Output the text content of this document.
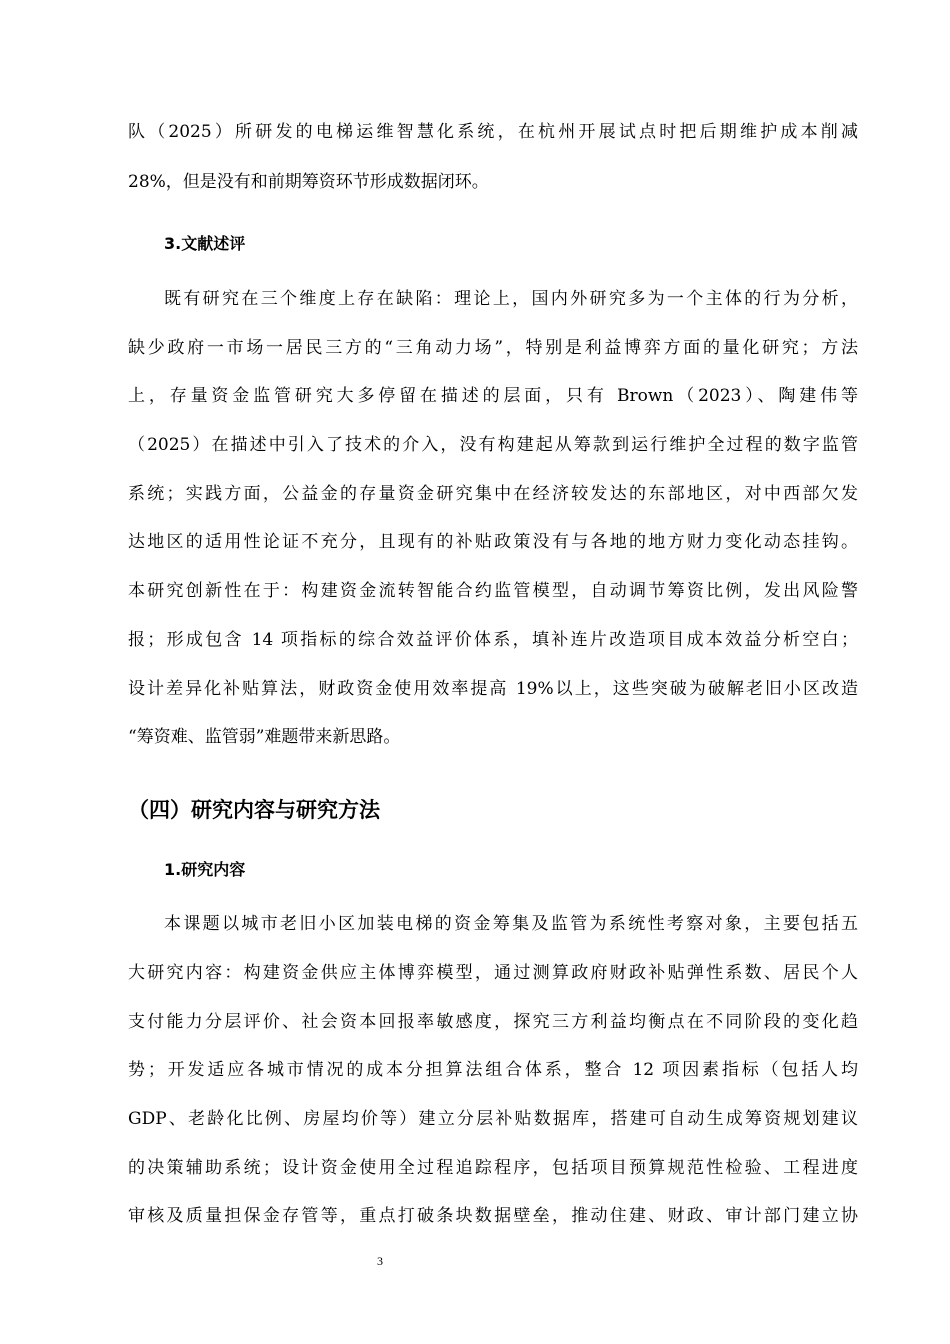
队（2025）所研发的电梯运维智慧化系统，在杭州开展试点时把后期维护成本削减
28%，但是没有和前期筹资环节形成数据闭环。
3.文献述评
既有研究在三个维度上存在缺陷：理论上，国内外研究多为一个主体的行为分析，
缺少政府一市场一居民三方的“三角动力场”，特别是利益博弈方面的量化研究；方法
上，存量资金监管研究大多停留在描述的层面，只有 Brown（2023）、陶建伟等
（2025）在描述中引入了技术的介入，没有构建起从筹款到运行维护全过程的数字监管
系统；实践方面，公益金的存量资金研究集中在经济较发达的东部地区，对中西部欠发
达地区的适用性论证不充分，且现有的补贴政策没有与各地的地方财力变化动态挂钩。
本研究创新性在于：构建资金流转智能合约监管模型，自动调节筹资比例，发出风险警
报；形成包含 14 项指标的综合效益评价体系，填补连片改造项目成本效益分析空白；
设计差异化补贴算法，财政资金使用效率提高 19%以上，这些突破为破解老旧小区改造
“筹资难、监管弱”难题带来新思路。
（四）研究内容与研究方法
1.研究内容
本课题以城市老旧小区加装电梯的资金筹集及监管为系统性考察对象，主要包括五
大研究内容：构建资金供应主体博弈模型，通过测算政府财政补贴弹性系数、居民个人
支付能力分层评价、社会资本回报率敏感度，探究三方利益均衡点在不同阶段的变化趋
势；开发适应各城市情况的成本分担算法组合体系，整合 12 项因素指标（包括人均
GDP、老龄化比例、房屋均价等）建立分层补贴数据库，搭建可自动生成筹资规划建议
的决策辅助系统；设计资金使用全过程追踪程序，包括项目预算规范性检验、工程进度
审核及质量担保金存管等，重点打破条块数据壁垒，推动住建、财政、审计部门建立协
3
